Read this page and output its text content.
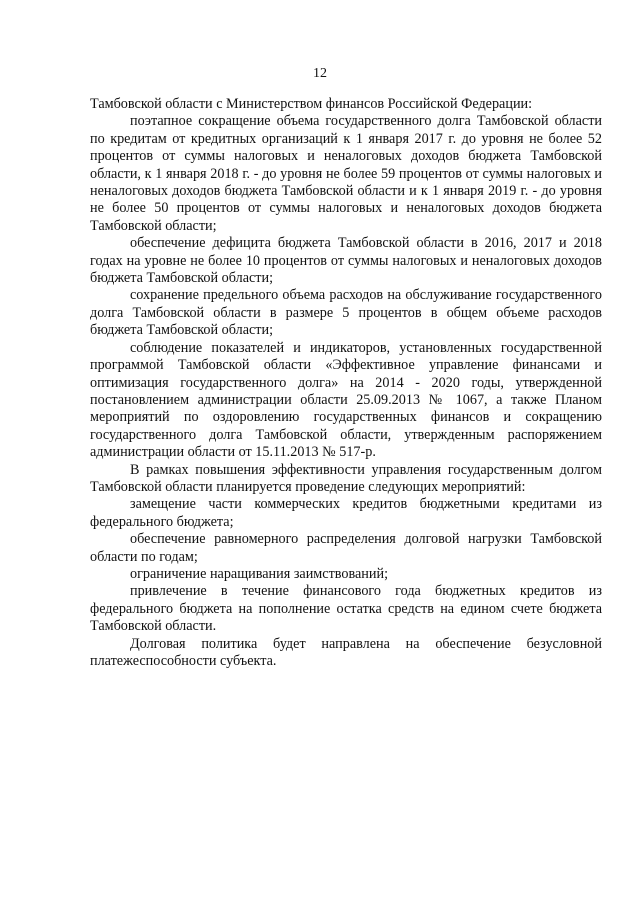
12

Тамбовской области с Министерством финансов Российской Федерации:

поэтапное сокращение объема государственного долга Тамбовской области по кредитам от кредитных организаций к 1 января 2017 г. до уровня не более 52 процентов от суммы налоговых и неналоговых доходов бюджета Тамбовской области, к 1 января 2018 г. - до уровня не более 59 процентов от суммы налоговых и неналоговых доходов бюджета Тамбовской области и к 1 января 2019 г. - до уровня не более 50 процентов от суммы налоговых и неналоговых доходов бюджета Тамбовской области;

обеспечение дефицита бюджета Тамбовской области в 2016, 2017 и 2018 годах на уровне не более 10 процентов от суммы налоговых и неналоговых доходов бюджета Тамбовской области;

сохранение предельного объема расходов на обслуживание государственного долга Тамбовской области в размере 5 процентов в общем объеме расходов бюджета Тамбовской области;

соблюдение показателей и индикаторов, установленных государственной программой Тамбовской области «Эффективное управление финансами и оптимизация государственного долга» на 2014 - 2020 годы, утвержденной постановлением администрации области 25.09.2013 № 1067, а также Планом мероприятий по оздоровлению государственных финансов и сокращению государственного долга Тамбовской области, утвержденным распоряжением администрации области от 15.11.2013 № 517-р.

В рамках повышения эффективности управления государственным долгом Тамбовской области планируется проведение следующих мероприятий:

замещение части коммерческих кредитов бюджетными кредитами из федерального бюджета;

обеспечение равномерного распределения долговой нагрузки Тамбовской области по годам;

ограничение наращивания заимствований;

привлечение в течение финансового года бюджетных кредитов из федерального бюджета на пополнение остатка средств на едином счете бюджета Тамбовской области.

Долговая политика будет направлена на обеспечение безусловной платежеспособности субъекта.
